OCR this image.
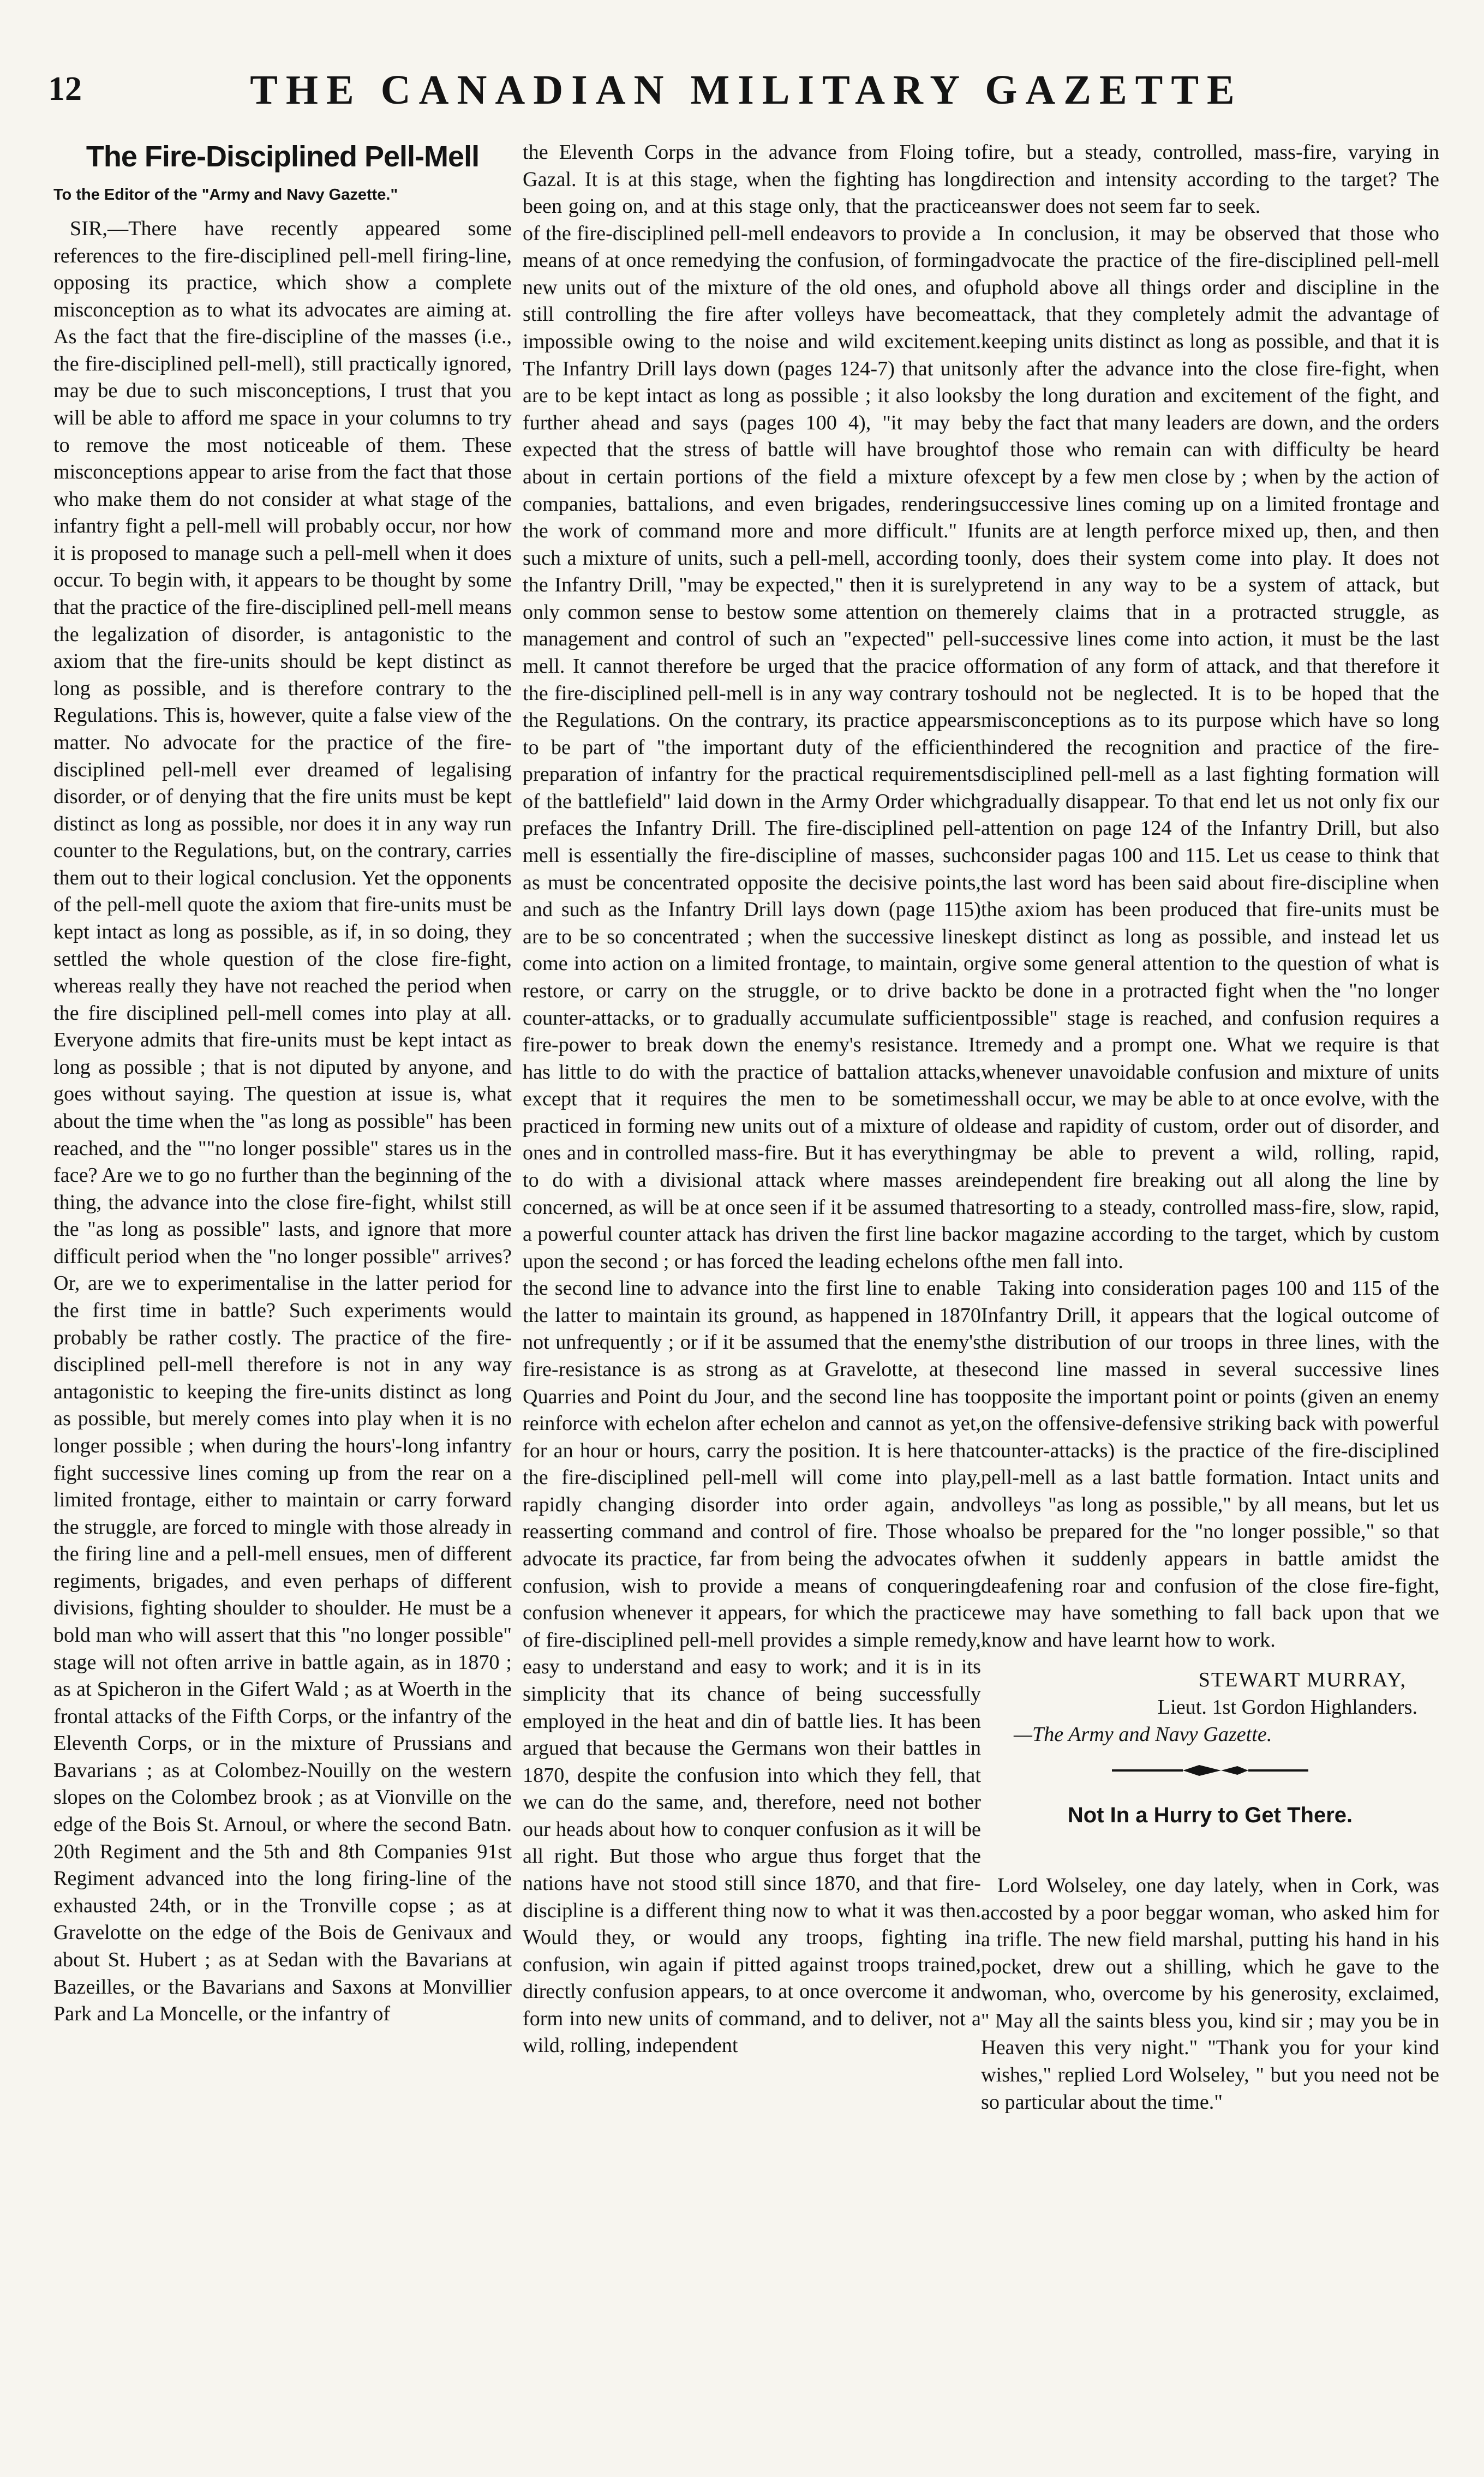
12	THE CANADIAN MILITARY GAZETTE
The Fire-Disciplined Pell-Mell
To the Editor of the "Army and Navy Gazette."

SIR,—There have recently appeared some references to the fire-disciplined pell-mell firing-line, opposing its practice, which show a complete misconception as to what its advocates are aiming at. As the fact that the fire-discipline of the masses (i.e., the fire-disciplined pell-mell), still practically ignored, may be due to such misconceptions, I trust that you will be able to afford me space in your columns to try to remove the most noticeable of them. These misconceptions appear to arise from the fact that those who make them do not consider at what stage of the infantry fight a pell-mell will probably occur, nor how it is proposed to manage such a pell-mell when it does occur. To begin with, it appears to be thought by some that the practice of the fire-disciplined pell-mell means the legalization of disorder, is antagonistic to the axiom that the fire-units should be kept distinct as long as possible, and is therefore contrary to the Regulations. This is, however, quite a false view of the matter. No advocate for the practice of the fire-disciplined pell-mell ever dreamed of legalising disorder, or of denying that the fire units must be kept distinct as long as possible, nor does it in any way run counter to the Regulations, but, on the contrary, carries them out to their logical conclusion. Yet the opponents of the pell-mell quote the axiom that fire-units must be kept intact as long as possible, as if, in so doing, they settled the whole question of the close fire-fight, whereas really they have not reached the period when the fire disciplined pell-mell comes into play at all. Everyone admits that fire-units must be kept intact as long as possible ; that is not diputed by anyone, and goes without saying. The question at issue is, what about the time when the "as long as possible" has been reached, and the ""no longer possible" stares us in the face? Are we to go no further than the beginning of the thing, the advance into the close fire-fight, whilst still the "as long as possible" lasts, and ignore that more difficult period when the "no longer possible" arrives? Or, are we to experimentalise in the latter period for the first time in battle? Such experiments would probably be rather costly. The practice of the fire-disciplined pell-mell therefore is not in any way antagonistic to keeping the fire-units distinct as long as possible, but merely comes into play when it is no longer possible ; when during the hours'-long infantry fight successive lines coming up from the rear on a limited frontage, either to maintain or carry forward the struggle, are forced to mingle with those already in the firing line and a pell-mell ensues, men of different regiments, brigades, and even perhaps of different divisions, fighting shoulder to shoulder. He must be a bold man who will assert that this "no longer possible" stage will not often arrive in battle again, as in 1870 ; as at Spicheron in the Gifert Wald ; as at Woerth in the frontal attacks of the Fifth Corps, or the infantry of the Eleventh Corps, or in the mixture of Prussians and Bavarians ; as at Colombez-Nouilly on the western slopes on the Colombez brook ; as at Vionville on the edge of the Bois St. Arnoul, or where the second Batn. 20th Regiment and the 5th and 8th Companies 91st Regiment advanced into the long firing-line of the exhausted 24th, or in the Tronville copse ; as at Gravelotte on the edge of the Bois de Genivaux and about St. Hubert ; as at Sedan with the Bavarians at Bazeilles, or the Bavarians and Saxons at Monvillier Park and La Moncelle, or the infantry of

the Eleventh Corps in the advance from Floing to Gazal. It is at this stage, when the fighting has long been going on, and at this stage only, that the practice of the fire-disciplined pell-mell endeavors to provide a means of at once remedying the confusion, of forming new units out of the mixture of the old ones, and of still controlling the fire after volleys have become impossible owing to the noise and wild excitement. The Infantry Drill lays down (pages 124-7) that units are to be kept intact as long as possible ; it also looks further ahead and says (pages 100 4), "it may be expected that the stress of battle will have brought about in certain portions of the field a mixture of companies, battalions, and even brigades, rendering the work of command more and more difficult." If such a mixture of units, such a pell-mell, according to the Infantry Drill, "may be expected," then it is surely only common sense to bestow some attention on the management and control of such an "expected" pell-mell. It cannot therefore be urged that the pracice of the fire-disciplined pell-mell is in any way contrary to the Regulations. On the contrary, its practice appears to be part of "the important duty of the efficient preparation of infantry for the practical requirements of the battlefield" laid down in the Army Order which prefaces the Infantry Drill. The fire-disciplined pell-mell is essentially the fire-discipline of masses, such as must be concentrated opposite the decisive points, and such as the Infantry Drill lays down (page 115) are to be so concentrated ; when the successive lines come into action on a limited frontage, to maintain, or restore, or carry on the struggle, or to drive back counter-attacks, or to gradually accumulate sufficient fire-power to break down the enemy's resistance. It has little to do with the practice of battalion attacks, except that it requires the men to be sometimes practiced in forming new units out of a mixture of old ones and in controlled mass-fire. But it has everything to do with a divisional attack where masses are concerned, as will be at once seen if it be assumed that a powerful counter attack has driven the first line back upon the second ; or has forced the leading echelons of the second line to advance into the first line to enable the latter to maintain its ground, as happened in 1870 not unfrequently ; or if it be assumed that the enemy's fire-resistance is as strong as at Gravelotte, at the Quarries and Point du Jour, and the second line has to reinforce with echelon after echelon and cannot as yet, for an hour or hours, carry the position. It is here that the fire-disciplined pell-mell will come into play, rapidly changing disorder into order again, and reasserting command and control of fire. Those who advocate its practice, far from being the advocates of confusion, wish to provide a means of conquering confusion whenever it appears, for which the practice of fire-disciplined pell-mell provides a simple remedy, easy to understand and easy to work; and it is in its simplicity that its chance of being successfully employed in the heat and din of battle lies. It has been argued that because the Germans won their battles in 1870, despite the confusion into which they fell, that we can do the same, and, therefore, need not bother our heads about how to conquer confusion as it will be all right. But those who argue thus forget that the nations have not stood still since 1870, and that fire-discipline is a different thing now to what it was then. Would they, or would any troops, fighting in confusion, win again if pitted against troops trained, directly confusion appears, to at once overcome it and form into new units of command, and to deliver, not a wild, rolling, independent

fire, but a steady, controlled, mass-fire, varying in direction and intensity according to the target? The answer does not seem far to seek.

In conclusion, it may be observed that those who advocate the practice of the fire-disciplined pell-mell uphold above all things order and discipline in the attack, that they completely admit the advantage of keeping units distinct as long as possible, and that it is only after the advance into the close fire-fight, when by the long duration and excitement of the fight, and by the fact that many leaders are down, and the orders of those who remain can with difficulty be heard except by a few men close by ; when by the action of successive lines coming up on a limited frontage and units are at length perforce mixed up, then, and then only, does their system come into play. It does not pretend in any way to be a system of attack, but merely claims that in a protracted struggle, as successive lines come into action, it must be the last formation of any form of attack, and that therefore it should not be neglected. It is to be hoped that the misconceptions as to its purpose which have so long hindered the recognition and practice of the fire-disciplined pell-mell as a last fighting formation will gradually disappear. To that end let us not only fix our attention on page 124 of the Infantry Drill, but also consider pagas 100 and 115. Let us cease to think that the last word has been said about fire-discipline when the axiom has been produced that fire-units must be kept distinct as long as possible, and instead let us give some general attention to the question of what is to be done in a protracted fight when the "no longer possible" stage is reached, and confusion requires a remedy and a prompt one. What we require is that whenever unavoidable confusion and mixture of units shall occur, we may be able to at once evolve, with the ease and rapidity of custom, order out of disorder, and may be able to prevent a wild, rolling, rapid, independent fire breaking out all along the line by resorting to a steady, controlled mass-fire, slow, rapid, or magazine according to the target, which by custom the men fall into.

Taking into consideration pages 100 and 115 of the Infantry Drill, it appears that the logical outcome of the distribution of our troops in three lines, with the second line massed in several successive lines opposite the important point or points (given an enemy on the offensive-defensive striking back with powerful counter-attacks) is the practice of the fire-disciplined pell-mell as a last battle formation. Intact units and volleys "as long as possible," by all means, but let us also be prepared for the "no longer possible," so that when it suddenly appears in battle amidst the deafening roar and confusion of the close fire-fight, we may have something to fall back upon that we know and have learnt how to work.

STEWART MURRAY,
Lieut. 1st Gordon Highlanders.
—The Army and Navy Gazette.
Not In a Hurry to Get There.

Lord Wolseley, one day lately, when in Cork, was accosted by a poor beggar woman, who asked him for a trifle. The new field marshal, putting his hand in his pocket, drew out a shilling, which he gave to the woman, who, overcome by his generosity, exclaimed, " May all the saints bless you, kind sir ; may you be in Heaven this very night." "Thank you for your kind wishes," replied Lord Wolseley, " but you need not be so particular about the time."
